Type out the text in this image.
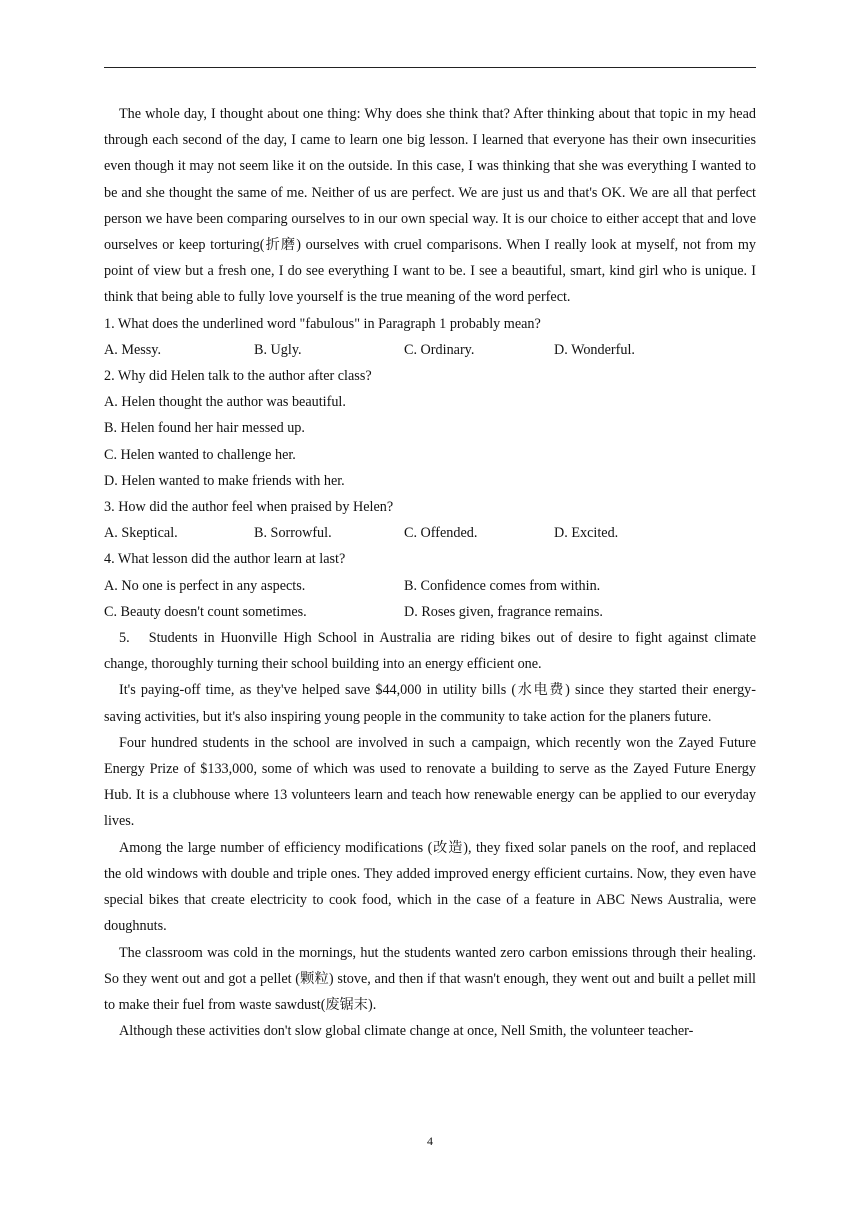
The whole day, I thought about one thing: Why does she think that? After thinking about that topic in my head through each second of the day, I came to learn one big lesson. I learned that everyone has their own insecurities even though it may not seem like it on the outside. In this case, I was thinking that she was everything I wanted to be and she thought the same of me. Neither of us are perfect. We are just us and that's OK. We are all that perfect person we have been comparing ourselves to in our own special way. It is our choice to either accept that and love ourselves or keep torturing(折磨) ourselves with cruel comparisons. When I really look at myself, not from my point of view but a fresh one, I do see everything I want to be. I see a beautiful, smart, kind girl who is unique. I think that being able to fully love yourself is the true meaning of the word perfect.

1. What does the underlined word "fabulous" in Paragraph 1 probably mean?

A. Messy.	B. Ugly.	C. Ordinary.	D. Wonderful.

2. Why did Helen talk to the author after class?

A. Helen thought the author was beautiful.

B. Helen found her hair messed up.

C. Helen wanted to challenge her.

D. Helen wanted to make friends with her.

3. How did the author feel when praised by Helen?

A. Skeptical.	B. Sorrowful.	C. Offended.	D. Excited.

4. What lesson did the author learn at last?

A. No one is perfect in any aspects.	B. Confidence comes from within.
C. Beauty doesn't count sometimes.	D. Roses given, fragrance remains.

5.　Students in Huonville High School in Australia are riding bikes out of desire to fight against climate change, thoroughly turning their school building into an energy efficient one.

It's paying-off time, as they've helped save $44,000 in utility bills (水电费) since they started their energy-saving activities, but it's also inspiring young people in the community to take action for the planers future.

Four hundred students in the school are involved in such a campaign, which recently won the Zayed Future Energy Prize of $133,000, some of which was used to renovate a building to serve as the Zayed Future Energy Hub. It is a clubhouse where 13 volunteers learn and teach how renewable energy can be applied to our everyday lives.

Among the large number of efficiency modifications (改造), they fixed solar panels on the roof, and replaced the old windows with double and triple ones. They added improved energy efficient curtains. Now, they even have special bikes that create electricity to cook food, which in the case of a feature in ABC News Australia, were doughnuts.

The classroom was cold in the mornings, hut the students wanted zero carbon emissions through their healing. So they went out and got a pellet (颗粒) stove, and then if that wasn't enough, they went out and built a pellet mill to make their fuel from waste sawdust(废锯末).

Although these activities don't slow global climate change at once, Nell Smith, the volunteer teacher-

4
